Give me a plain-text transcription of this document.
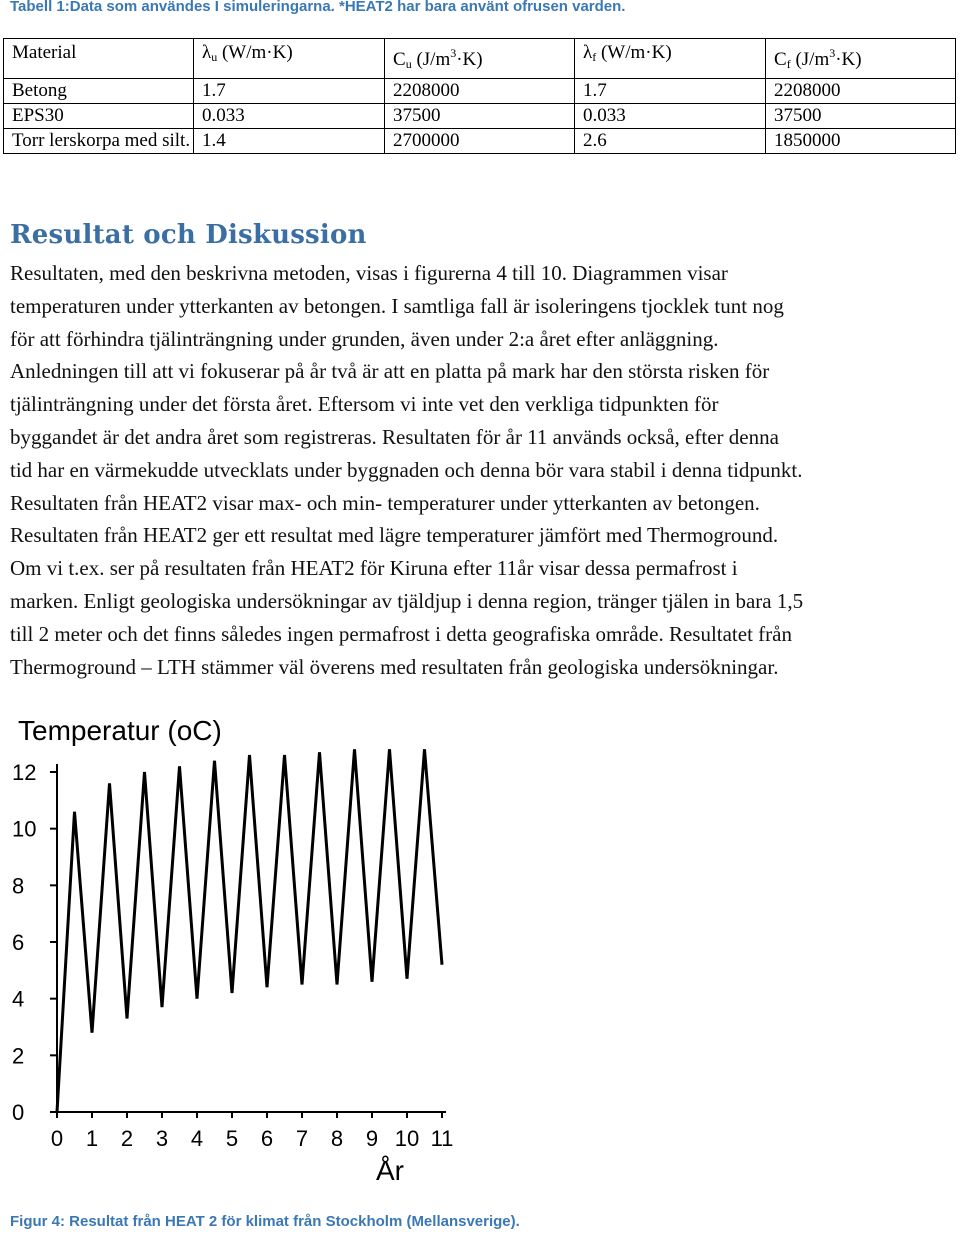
Tabell 1:Data som användes I simuleringarna. *HEAT2 har bara använt ofrusen varden.
Material	$\lambda_u$ (W/m·K)	$C_u$ $(J/m^3\cdot K)$	$\lambda_f$ (W/m·K)	$C_f$ $(J/m^3\cdot K)$
Betong	1.7	2208000	1.7	2208000
EPS30	0.033	37500	0.033	37500
Torr lerskorpa med silt.	1.4	2700000	2.6	1850000
Resultat och Diskussion

Resultaten, med den beskrivna metoden, visas i figurerna 4 till 10. Diagrammen visar
temperaturen under ytterkanten av betongen. I samtliga fall är isoleringens tjocklek tunt nog
för att förhindra tjälinträngning under grunden, även under 2:a året efter anläggning.
Anledningen till att vi fokuserar på år två är att en platta på mark har den största risken för
tjälinträngning under det första året. Eftersom vi inte vet den verkliga tidpunkten för
byggandet är det andra året som registreras. Resultaten för år 11 används också, efter denna
tid har en värmekudde utvecklats under byggnaden och denna bör vara stabil i denna tidpunkt.
Resultaten från HEAT2 visar max- och min- temperaturer under ytterkanten av betongen.
Resultaten från HEAT2 ger ett resultat med lägre temperaturer jämfört med Thermoground.
Om vi t.ex. ser på resultaten från HEAT2 för Kiruna efter 11år visar dessa permafrost i
marken. Enligt geologiska undersökningar av tjäldjup i denna region, tränger tjälen in bara 1,5
till 2 meter och det finns således ingen permafrost i detta geografiska område. Resultatet från
Thermoground – LTH stämmer väl överens med resultaten från geologiska undersökningar.

Temperatur (oC)
12
10
8
6
4
2
0
0 1 2 3 4 5 6 7 8 9 10 11
År
Figur 4: Resultat från HEAT 2 för klimat från Stockholm (Mellansverige).
